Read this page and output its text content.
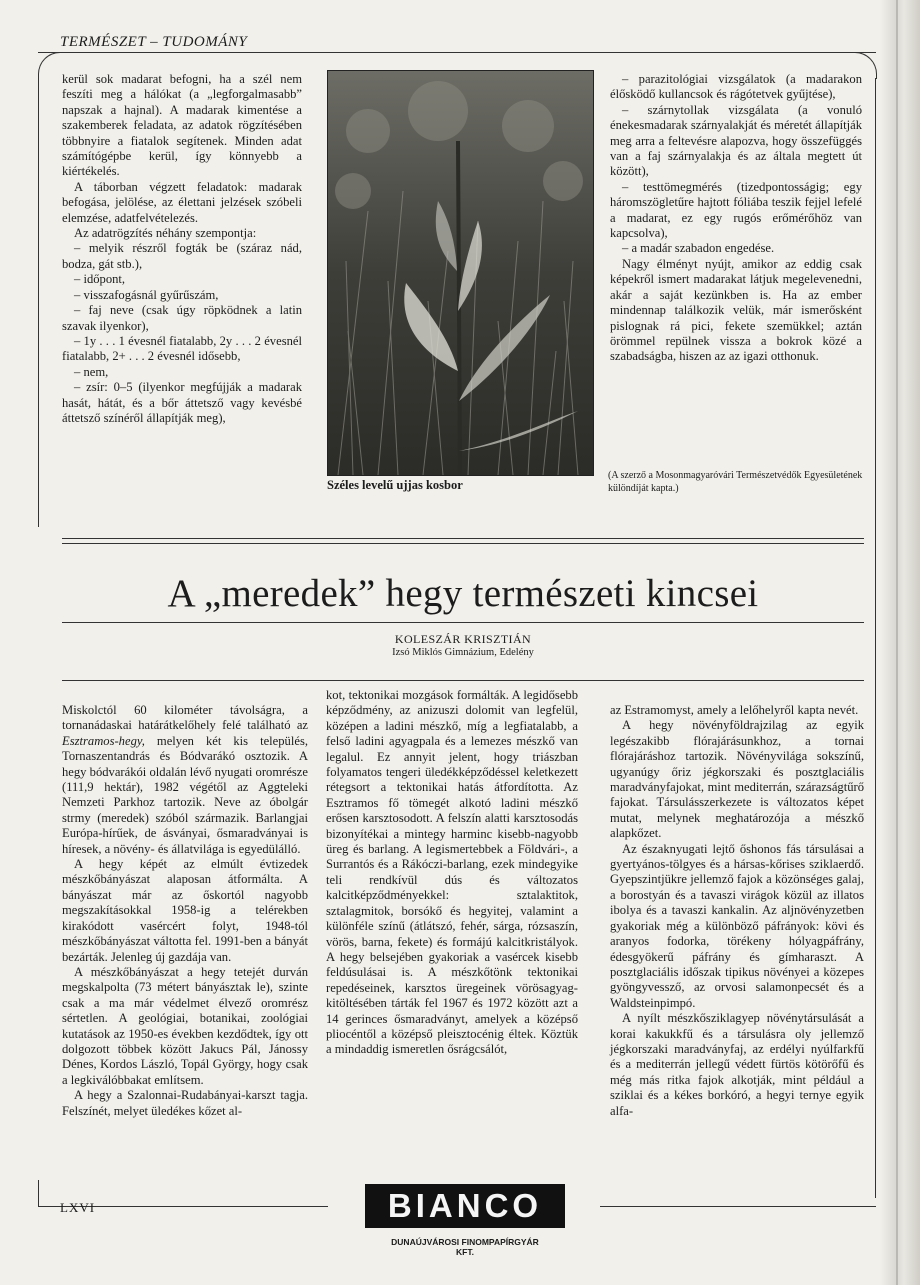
TERMÉSZET – TUDOMÁNY

kerül sok madarat befogni, ha a szél nem feszíti meg a hálókat (a „legforgalmasabb” napszak a hajnal). A madarak kimentése a szakemberek feladata, az adatok rögzítésében többnyire a fiatalok segítenek. Minden adat számítógépbe kerül, így könnyebb a kiértékelés.

A táborban végzett feladatok: madarak befogása, jelölése, az élettani jelzések szóbeli elemzése, adatfelvételezés.

Az adatrögzítés néhány szempontja:

– melyik részről fogták be (száraz nád, bodza, gát stb.),

– időpont,

– visszafogásnál gyűrűszám,

– faj neve (csak úgy röpködnek a latin szavak ilyenkor),

– 1y . . . 1 évesnél fiatalabb, 2y . . . 2 évesnél fiatalabb, 2+ . . . 2 évesnél idősebb,

– nem,

– zsír: 0–5 (ilyenkor megfújják a madarak hasát, hátát, és a bőr áttetsző vagy kevésbé áttetsző színéről állapítják meg),

Széles levelű ujjas kosbor

– parazitológiai vizsgálatok (a madarakon élősködő kullancsok és rágótetvek gyűjtése),

– szárnytollak vizsgálata (a vonuló énekesmadarak szárnyalakját és méretét állapítják meg arra a feltevésre alapozva, hogy összefüggés van a faj szárnyalakja és az általa megtett út között),

– testtömegmérés (tizedpontosságig; egy háromszögletűre hajtott fóliába teszik fejjel lefelé a madarat, ez egy rugós erőmérőhöz van kapcsolva),

– a madár szabadon engedése.

Nagy élményt nyújt, amikor az eddig csak képekről ismert madarakat látjuk megelevenedni, akár a saját kezünkben is. Ha az ember mindennap találkozik velük, már ismerősként pislognak rá pici, fekete szemükkel; aztán örömmel repülnek vissza a bokrok közé a szabadságba, hiszen az az igazi otthonuk.

(A szerző a Mosonmagyaróvári Természetvédők Egyesületének különdíját kapta.)
A „meredek” hegy természeti kincsei
KOLESZÁR KRISZTIÁN
Izsó Miklós Gimnázium, Edelény

Miskolctól 60 kilométer távolságra, a tornanádaskai határátkelőhely felé található az Esztramos-hegy, melyen két kis település, Tornaszentandrás és Bódvarákó osztozik. A hegy bódvarákói oldalán lévő nyugati oromrésze (111,9 hektár), 1982 végétől az Aggteleki Nemzeti Parkhoz tartozik. Neve az óbolgár strmy (meredek) szóból származik. Barlangjai Európa-hírűek, de ásványai, ősmaradványai is híresek, a növény- és állatvilága is egyedülálló.

A hegy képét az elmúlt évtizedek mészkőbányászat alaposan átformálta. A bányászat már az őskortól nagyobb megszakításokkal 1958-ig a telérekben kirakódott vasércért folyt, 1948-tól mészkőbányászat váltotta fel. 1991-ben a bányát bezárták. Jelenleg új gazdája van.

A mészkőbányászat a hegy tetejét durván megskalpolta (73 métert bányásztak le), szinte csak a ma már védelmet élvező oromrész sértetlen. A geológiai, botanikai, zoológiai kutatások az 1950-es években kezdődtek, így ott dolgozott többek között Jakucs Pál, Jánossy Dénes, Kordos László, Topál György, hogy csak a legkiválóbbakat említsem.

A hegy a Szalonnai-Rudabányai-karszt tagja. Felszínét, melyet üledékes kőzet al-

kot, tektonikai mozgások formálták. A legidősebb képződmény, az anizuszi dolomit van legfelül, középen a ladini mészkő, míg a legfiatalabb, a felső ladini agyagpala és a lemezes mészkő van legalul. Ez annyit jelent, hogy triászban folyamatos tengeri üledékképződéssel keletkezett rétegsort a tektonikai hatás átfordította. Az Esztramos fő tömegét alkotó ladini mészkő erősen karsztosodott. A felszín alatti karsztosodás bizonyítékai a mintegy harminc kisebb-nagyobb üreg és barlang. A legismertebbek a Földvári-, a Surrantós és a Rákóczi-barlang, ezek mindegyike teli rendkívül dús és változatos kalcitképződményekkel: sztalaktitok, sztalagmitok, borsókő és hegyitej, valamint a különféle színű (átlátszó, fehér, sárga, rózsaszín, vörös, barna, fekete) és formájú kalcitkristályok. A hegy belsejében gyakoriak a vasércek kisebb feldúsulásai is. A mészkőtönk tektonikai repedéseinek, karsztos üregeinek vörösagyag-kitöltésében tárták fel 1967 és 1972 között azt a 14 gerinces ősmaradványt, amelyek a középső pliocéntől a középső pleisztocénig éltek. Köztük a mindaddig ismeretlen ősrágcsálót,

az Estramomyst, amely a lelőhelyről kapta nevét.

A hegy növényföldrajzilag az egyik legészakibb flórajárásunkhoz, a tornai flórajáráshoz tartozik. Növényvilága sokszínű, ugyanúgy őriz jégkorszaki és posztglaciális maradványfajokat, mint mediterrán, szárazságtűrő fajokat. Társulásszerkezete is változatos képet mutat, melynek meghatározója a mészkő alapkőzet.

Az északnyugati lejtő őshonos fás társulásai a gyertyános-tölgyes és a hársas-kőrises sziklaerdő. Gyepszintjükre jellemző fajok a közönséges galaj, a borostyán és a tavaszi virágok közül az illatos ibolya és a tavaszi kankalin. Az aljnövényzetben gyakoriak még a különböző páfrányok: kövi és aranyos fodorka, törékeny hólyagpáfrány, édesgyökerű páfrány és gímharaszt. A posztglaciális időszak tipikus növényei a közepes gyöngyvessző, az orvosi salamonpecsét és a Waldsteinpimpó.

A nyílt mészkősziklagyep növénytársulását a korai kakukkfű és a társulásra oly jellemző jégkorszaki maradványfaj, az erdélyi nyúlfarkfű és a mediterrán jellegű védett fürtös kötörőfű és még más ritka fajok alkotják, mint például a sziklai és a kékes borkóró, a hegyi ternye egyik alfa-

LXVI	BIANCO
DUNAÚJVÁROSI FINOMPAPÍRGYÁR
KFT.
